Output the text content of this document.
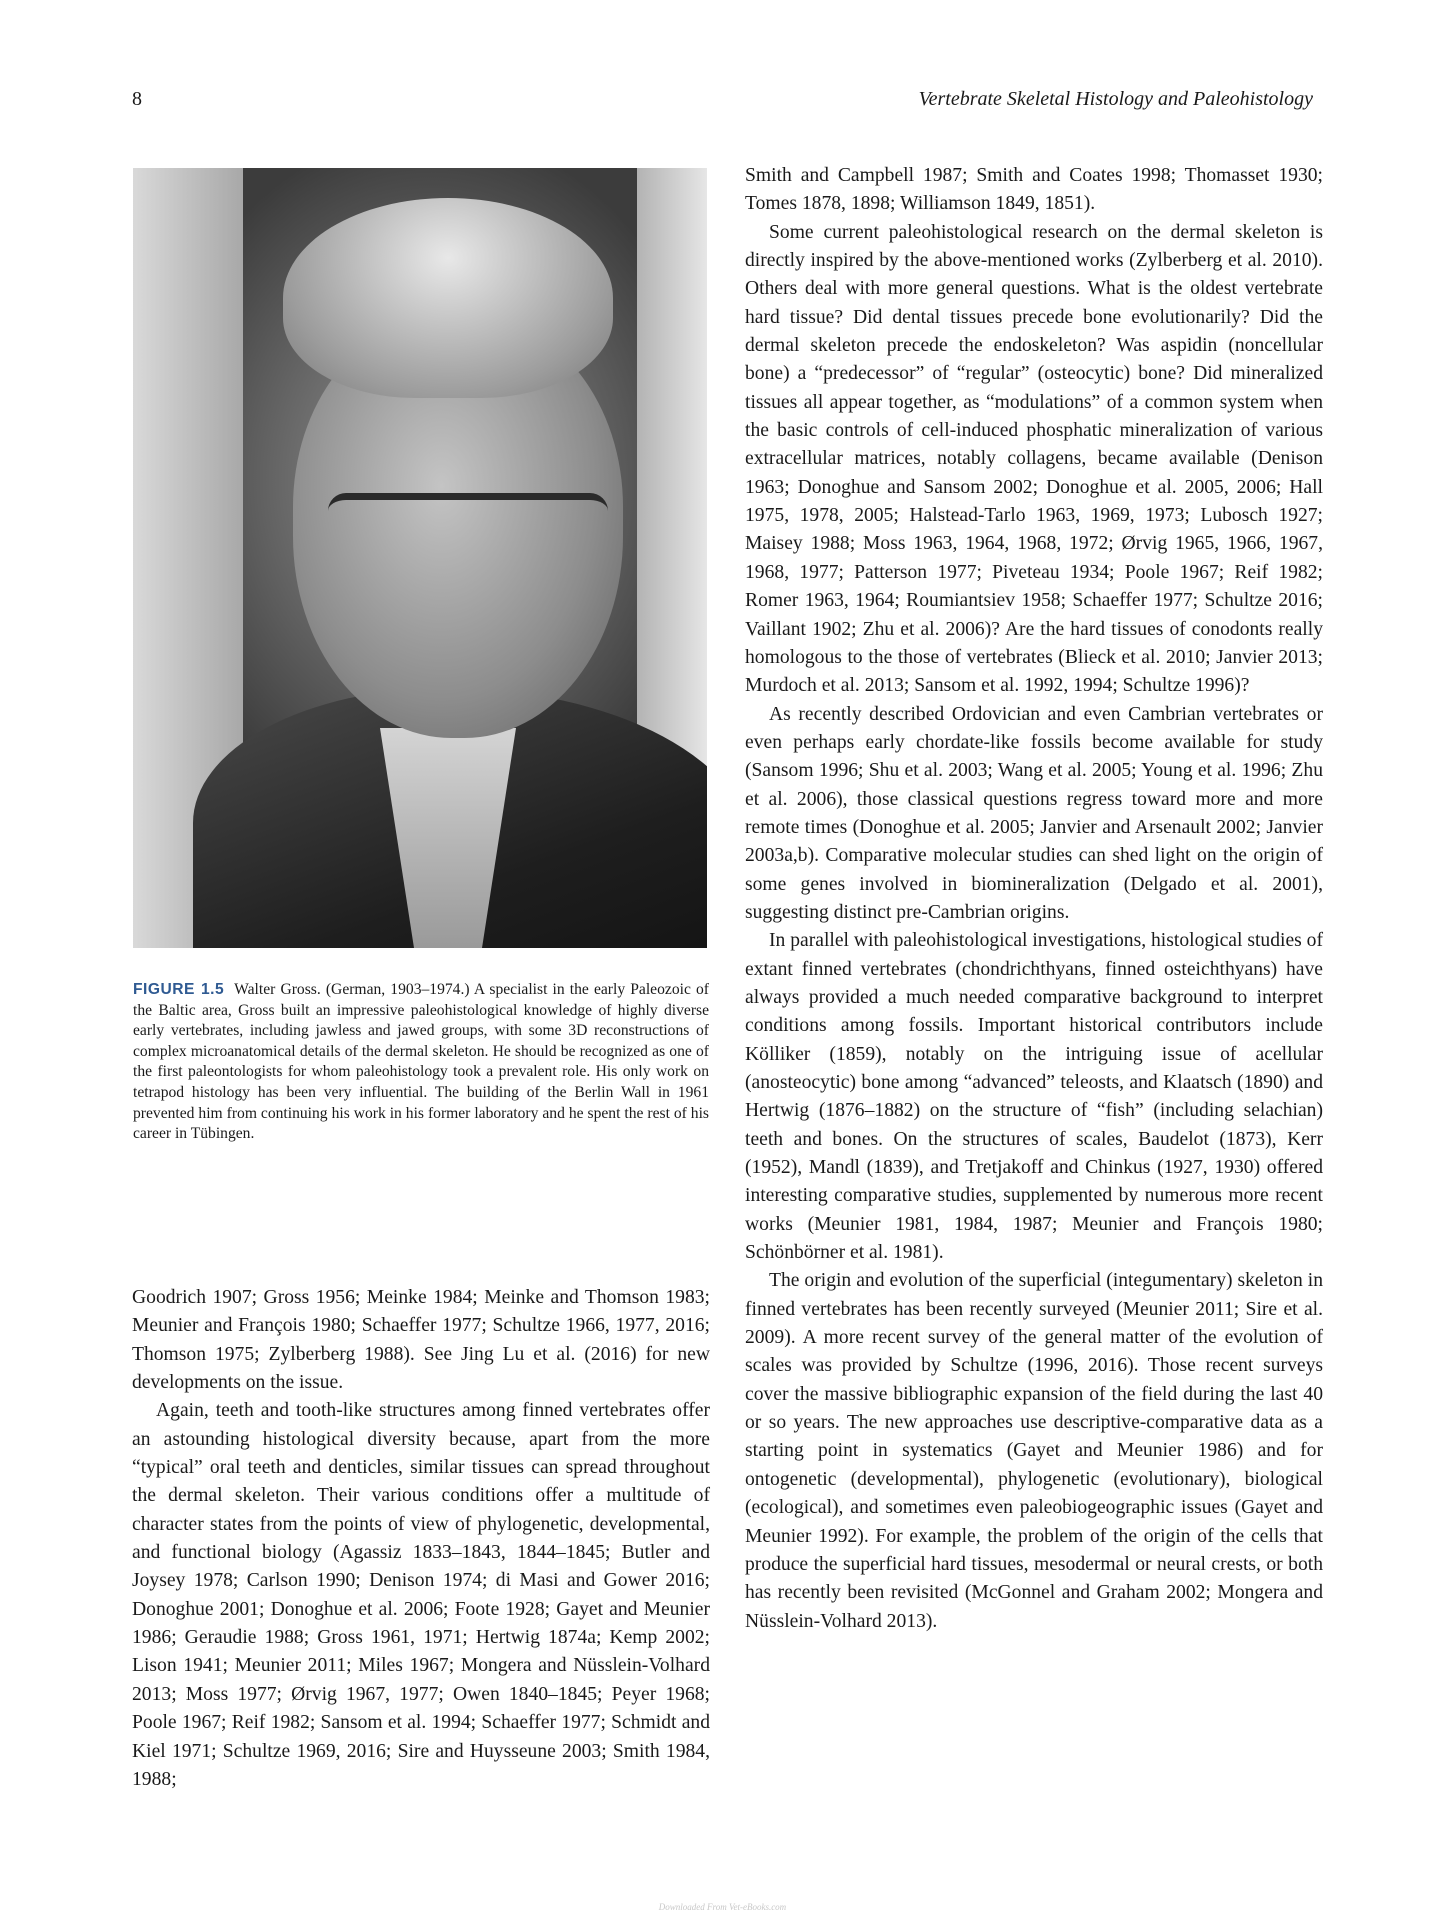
8	Vertebrate Skeletal Histology and Paleohistology
FIGURE 1.5 Walter Gross. (German, 1903–1974.) A specialist in the early Paleozoic of the Baltic area, Gross built an impressive paleohistological knowledge of highly diverse early vertebrates, including jawless and jawed groups, with some 3D reconstructions of complex microanatomical details of the dermal skeleton. He should be recognized as one of the first paleontologists for whom paleohistology took a prevalent role. His only work on tetrapod histology has been very influential. The building of the Berlin Wall in 1961 prevented him from continuing his work in his former laboratory and he spent the rest of his career in Tübingen.

Goodrich 1907; Gross 1956; Meinke 1984; Meinke and Thomson 1983; Meunier and François 1980; Schaeffer 1977; Schultze 1966, 1977, 2016; Thomson 1975; Zylberberg 1988). See Jing Lu et al. (2016) for new developments on the issue.

Again, teeth and tooth-like structures among finned vertebrates offer an astounding histological diversity because, apart from the more “typical” oral teeth and denticles, similar tissues can spread throughout the dermal skeleton. Their various conditions offer a multitude of character states from the points of view of phylogenetic, developmental, and functional biology (Agassiz 1833–1843, 1844–1845; Butler and Joysey 1978; Carlson 1990; Denison 1974; di Masi and Gower 2016; Donoghue 2001; Donoghue et al. 2006; Foote 1928; Gayet and Meunier 1986; Geraudie 1988; Gross 1961, 1971; Hertwig 1874a; Kemp 2002; Lison 1941; Meunier 2011; Miles 1967; Mongera and Nüsslein-Volhard 2013; Moss 1977; Ørvig 1967, 1977; Owen 1840–1845; Peyer 1968; Poole 1967; Reif 1982; Sansom et al. 1994; Schaeffer 1977; Schmidt and Kiel 1971; Schultze 1969, 2016; Sire and Huysseune 2003; Smith 1984, 1988;

Smith and Campbell 1987; Smith and Coates 1998; Thomasset 1930; Tomes 1878, 1898; Williamson 1849, 1851).

Some current paleohistological research on the dermal skeleton is directly inspired by the above-mentioned works (Zylberberg et al. 2010). Others deal with more general questions. What is the oldest vertebrate hard tissue? Did dental tissues precede bone evolutionarily? Did the dermal skeleton precede the endoskeleton? Was aspidin (noncellular bone) a “predecessor” of “regular” (osteocytic) bone? Did mineralized tissues all appear together, as “modulations” of a common system when the basic controls of cell-induced phosphatic mineralization of various extracellular matrices, notably collagens, became available (Denison 1963; Donoghue and Sansom 2002; Donoghue et al. 2005, 2006; Hall 1975, 1978, 2005; Halstead-Tarlo 1963, 1969, 1973; Lubosch 1927; Maisey 1988; Moss 1963, 1964, 1968, 1972; Ørvig 1965, 1966, 1967, 1968, 1977; Patterson 1977; Piveteau 1934; Poole 1967; Reif 1982; Romer 1963, 1964; Roumiantsiev 1958; Schaeffer 1977; Schultze 2016; Vaillant 1902; Zhu et al. 2006)? Are the hard tissues of conodonts really homologous to the those of vertebrates (Blieck et al. 2010; Janvier 2013; Murdoch et al. 2013; Sansom et al. 1992, 1994; Schultze 1996)?

As recently described Ordovician and even Cambrian vertebrates or even perhaps early chordate-like fossils become available for study (Sansom 1996; Shu et al. 2003; Wang et al. 2005; Young et al. 1996; Zhu et al. 2006), those classical questions regress toward more and more remote times (Donoghue et al. 2005; Janvier and Arsenault 2002; Janvier 2003a,b). Comparative molecular studies can shed light on the origin of some genes involved in biomineralization (Delgado et al. 2001), suggesting distinct pre-Cambrian origins.

In parallel with paleohistological investigations, histological studies of extant finned vertebrates (chondrichthyans, finned osteichthyans) have always provided a much needed comparative background to interpret conditions among fossils. Important historical contributors include Kölliker (1859), notably on the intriguing issue of acellular (anosteocytic) bone among “advanced” teleosts, and Klaatsch (1890) and Hertwig (1876–1882) on the structure of “fish” (including selachian) teeth and bones. On the structures of scales, Baudelot (1873), Kerr (1952), Mandl (1839), and Tretjakoff and Chinkus (1927, 1930) offered interesting comparative studies, supplemented by numerous more recent works (Meunier 1981, 1984, 1987; Meunier and François 1980; Schönbörner et al. 1981).

The origin and evolution of the superficial (integumentary) skeleton in finned vertebrates has been recently surveyed (Meunier 2011; Sire et al. 2009). A more recent survey of the general matter of the evolution of scales was provided by Schultze (1996, 2016). Those recent surveys cover the massive bibliographic expansion of the field during the last 40 or so years. The new approaches use descriptive-comparative data as a starting point in systematics (Gayet and Meunier 1986) and for ontogenetic (developmental), phylogenetic (evolutionary), biological (ecological), and sometimes even paleobiogeographic issues (Gayet and Meunier 1992). For example, the problem of the origin of the cells that produce the superficial hard tissues, mesodermal or neural crests, or both has recently been revisited (McGonnel and Graham 2002; Mongera and Nüsslein-Volhard 2013).

Downloaded From Vet-eBooks.com
